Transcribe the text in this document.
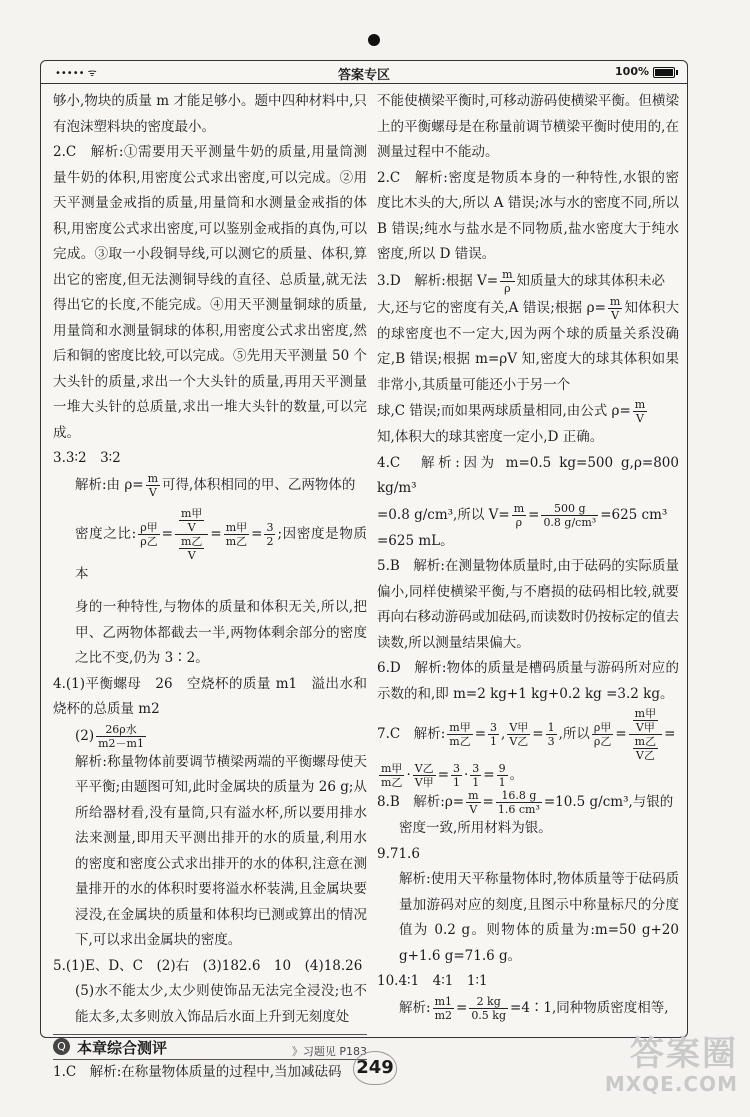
••••• ᯤ	答案专区	100%

够小,物块的质量 m 才能足够小。题中四种材料中,只有泡沫塑料块的密度最小。

2.C　解析:①需要用天平测量牛奶的质量,用量筒测量牛奶的体积,用密度公式求出密度,可以完成。②用天平测量金戒指的质量,用量筒和水测量金戒指的体积,用密度公式求出密度,可以鉴别金戒指的真伪,可以完成。③取一小段铜导线,可以测它的质量、体积,算出它的密度,但无法测铜导线的直径、总质量,就无法得出它的长度,不能完成。④用天平测量铜球的质量,用量筒和水测量铜球的体积,用密度公式求出密度,然后和铜的密度比较,可以完成。⑤先用天平测量 50 个大头针的质量,求出一个大头针的质量,再用天平测量一堆大头针的总质量,求出一堆大头针的数量,可以完成。

3.3∶2　3∶2

解析:由 $\rho= \frac{m}{V}$ 可得,体积相同的甲、乙两物体的

密度之比: $\frac{\text{ρ甲}}{\text{ρ乙}} = \frac{\frac{\text{m甲}}{V}}{\frac{\text{m乙}}{V}} = \frac{\text{m甲}}{\text{m乙}} = \frac{3}{2}$ ;因密度是物质本

身的一种特性,与物体的质量和体积无关,所以,把甲、乙两物体都截去一半,两物体剩余部分的密度之比不变,仍为 3∶2。

4.(1)平衡螺母　26　空烧杯的质量 m1　溢出水和烧杯的总质量 m2

$(2) \frac{\text{26ρ水}}{m2-m1}$

解析:称量物体前要调节横梁两端的平衡螺母使天平平衡;由题图可知,此时金属块的质量为 26 g;从所给器材看,没有量筒,只有溢水杯,所以要用排水法来测量,即用天平测出排开的水的质量,利用水的密度和密度公式求出排开的水的体积,注意在测量排开的水的体积时要将溢水杯装满,且金属块要浸没,在金属块的质量和体积均已测或算出的情况下,可以求出金属块的密度。

5.(1)E、D、C　(2)右　(3)182.6　10　(4)18.26

(5)水不能太少,太少则使饰品无法完全浸没;也不能太多,太多则放入饰品后水面上升到无刻度处

Q 本章综合测评	》习题见 P183

1.C　解析:在称量物体质量的过程中,当加减砝码

不能使横梁平衡时,可移动游码使横梁平衡。但横梁上的平衡螺母是在称量前调节横梁平衡时使用的,在测量过程中不能动。

2.C　解析:密度是物质本身的一种特性,水银的密度比木头的大,所以 A 错误;冰与水的密度不同,所以 B 错误;纯水与盐水是不同物质,盐水密度大于纯水密度,所以 D 错误。

3.D　解析:根据 $V= \frac{m}{\rho}$ 知质量大的球其体积未必

大,还与它的密度有关,A 错误;根据 $\rho= \frac{m}{V}$ 知体积大的球密度也不一定大,因为两个球的质量关系没确定,B 错误;根据 m=ρV 知,密度大的球其体积如果非常小,其质量可能还小于另一个

球,C 错误;而如果两球质量相同,由公式 $\rho= \frac{m}{V}$

知,体积大的球其密度一定小,D 正确。

4.C　解析:因为 m=0.5 kg=500 g,ρ=800 kg/m³

=0.8 g/cm³,所以 $V= \frac{m}{\rho} = \frac{500 g}{\text{0.8 g/cm³}} =625$ cm³

=625 mL。

5.B　解析:在测量物体质量时,由于砝码的实际质量偏小,同样使横梁平衡,与不磨损的砝码相比较,就要再向右移动游码或加砝码,而读数时仍按标定的值去读数,所以测量结果偏大。

6.D　解析:物体的质量是槽码质量与游码所对应的示数的和,即 m=2 kg+1 kg+0.2 kg =3.2 kg。

7.C　解析: $\frac{\text{m甲}}{\text{m乙}} = \frac{3}{1}$ , $\frac{\text{V甲}}{\text{V乙}} = \frac{1}{3}$ ,所以 $\frac{\text{ρ甲}}{\text{ρ乙}} = \frac{\frac{\text{m甲}}{\text{V甲}}}{\frac{\text{m乙}}{\text{V乙}}}$ =

$\frac{\text{m甲}}{\text{m乙}} \cdot \frac{\text{V乙}}{\text{V甲}} = \frac{3}{1} \cdot \frac{3}{1} = \frac{9}{1}$ 。

8.B　解析:ρ= $\frac{m}{V} = \frac{16.8 g}{\text{1.6 cm³}} =10.5$ g/cm³,与银的

密度一致,所用材料为银。

9.71.6

解析:使用天平称量物体时,物体质量等于砝码质量加游码对应的刻度,且图示中称量标尺的分度值为 0.2 g。则物体的质量为:m=50 g+20 g+1.6 g=71.6 g。

10.4∶1　4∶1　1∶1

解析: $\frac{m1}{m2} = \frac{2 kg}{0.5 kg}$ =4∶1,同种物质密度相等,

249	答案圈
MXQE.COM
